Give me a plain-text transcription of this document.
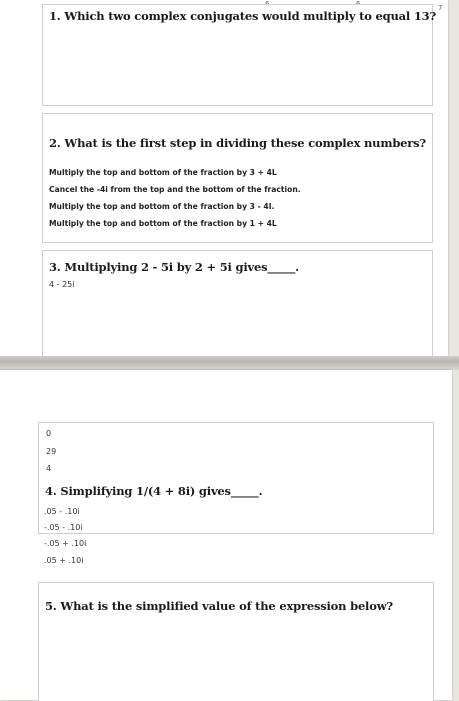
7
1. Which two complex conjugates would multiply to equal 13?
2. What is the first step in dividing these complex numbers?
Multiply the top and bottom of the fraction by 3 + 4L
Cancel the -4i from the top and the bottom of the fraction.
Multiply the top and bottom of the fraction by 3 - 4I.
Multiply the top and bottom of the fraction by 1 + 4L
3. Multiplying 2 - 5i by 2 + 5i gives_____.
4 - 25i
0
29
4
4. Simplifying 1/(4 + 8i) gives_____.
.05 - .10i
-.05 - .10i
-.05 + .10i
.05 + .10i
5. What is the simplified value of the expression below?
